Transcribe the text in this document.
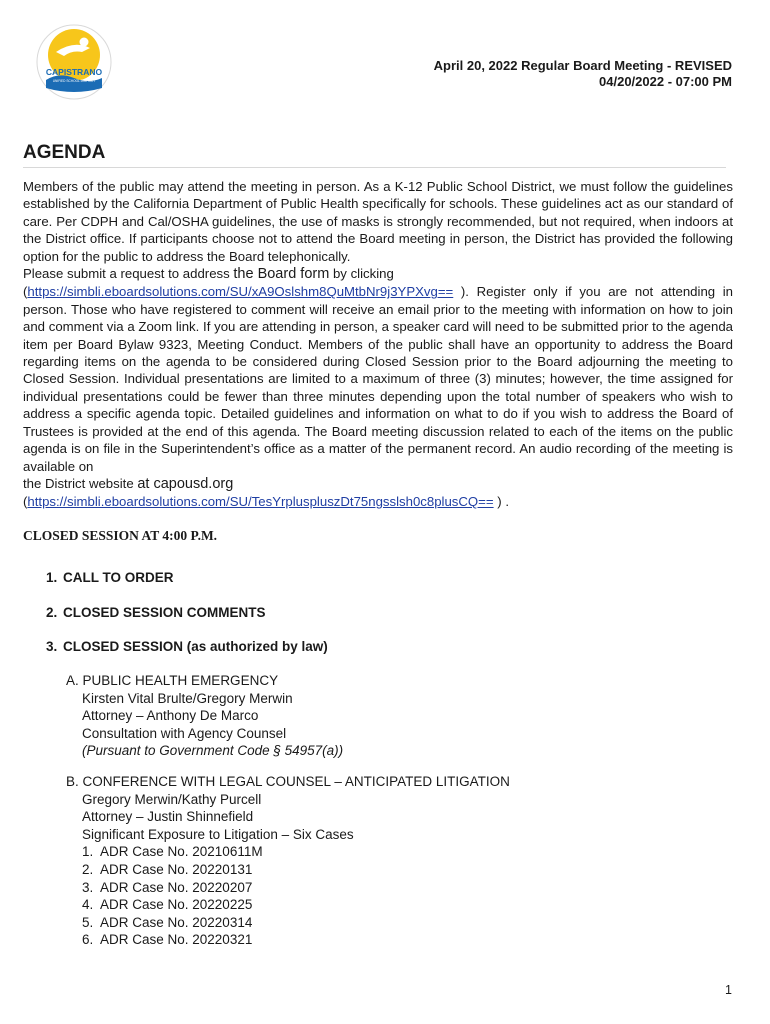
CAPISTRANO
UNIFIED SCHOOL DISTRICT
April 20, 2022 Regular Board Meeting - REVISED
04/20/2022 - 07:00 PM
AGENDA

Members of the public may attend the meeting in person. As a K-12 Public School District, we must follow the guidelines established by the California Department of Public Health specifically for schools. These guidelines act as our standard of care. Per CDPH and Cal/OSHA guidelines, the use of masks is strongly recommended, but not required, when indoors at the District office. If participants choose not to attend the Board meeting in person, the District has provided the following option for the public to address the Board telephonically.

Please submit a request to address the Board form by clicking

(https://simbli.eboardsolutions.com/SU/xA9Oslshm8QuMtbNr9j3YPXvg== ). Register only if you are not attending in person. Those who have registered to comment will receive an email prior to the meeting with information on how to join and comment via a Zoom link. If you are attending in person, a speaker card will need to be submitted prior to the agenda item per Board Bylaw 9323, Meeting Conduct. Members of the public shall have an opportunity to address the Board regarding items on the agenda to be considered during Closed Session prior to the Board adjourning the meeting to Closed Session. Individual presentations are limited to a maximum of three (3) minutes; however, the time assigned for individual presentations could be fewer than three minutes depending upon the total number of speakers who wish to address a specific agenda topic. Detailed guidelines and information on what to do if you wish to address the Board of Trustees is provided at the end of this agenda. The Board meeting discussion related to each of the items on the public agenda is on file in the Superintendent’s office as a matter of the permanent record. An audio recording of the meeting is available on

the District website at capousd.org

(https://simbli.eboardsolutions.com/SU/TesYrpluspluszDt75ngsslsh0c8plusCQ== ) .

CLOSED SESSION AT 4:00 P.M.
1. CALL TO ORDER
2. CLOSED SESSION COMMENTS
3. CLOSED SESSION (as authorized by law)
A. PUBLIC HEALTH EMERGENCY
Kirsten Vital Brulte/Gregory Merwin
Attorney – Anthony De Marco
Consultation with Agency Counsel
(Pursuant to Government Code § 54957(a))
B. CONFERENCE WITH LEGAL COUNSEL – ANTICIPATED LITIGATION
Gregory Merwin/Kathy Purcell
Attorney – Justin Shinnefield
Significant Exposure to Litigation – Six Cases
1. ADR Case No. 20210611M
2. ADR Case No. 20220131
3. ADR Case No. 20220207
4. ADR Case No. 20220225
5. ADR Case No. 20220314
6. ADR Case No. 20220321
1
